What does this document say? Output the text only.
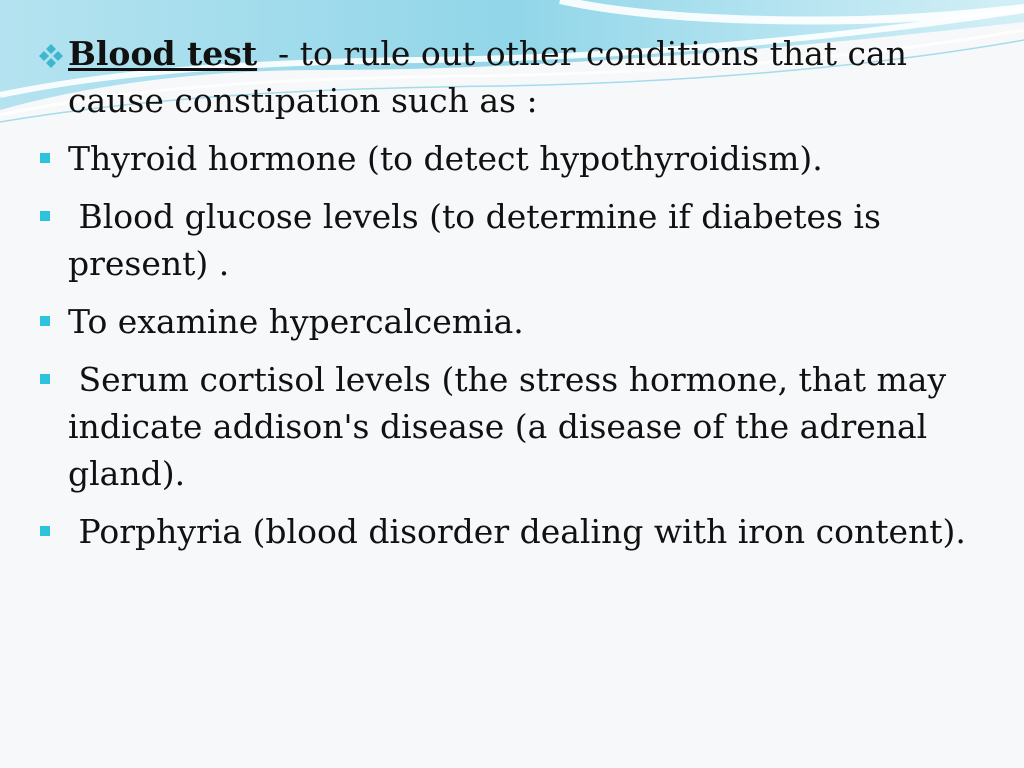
Blood test  - to rule out other conditions that can cause constipation such as :
Thyroid hormone (to detect hypothyroidism).
Blood glucose levels (to determine if diabetes is present) .
To examine hypercalcemia.
Serum cortisol levels (the stress hormone, that may indicate addison's disease (a disease of the adrenal gland).
Porphyria (blood disorder dealing with iron content).
